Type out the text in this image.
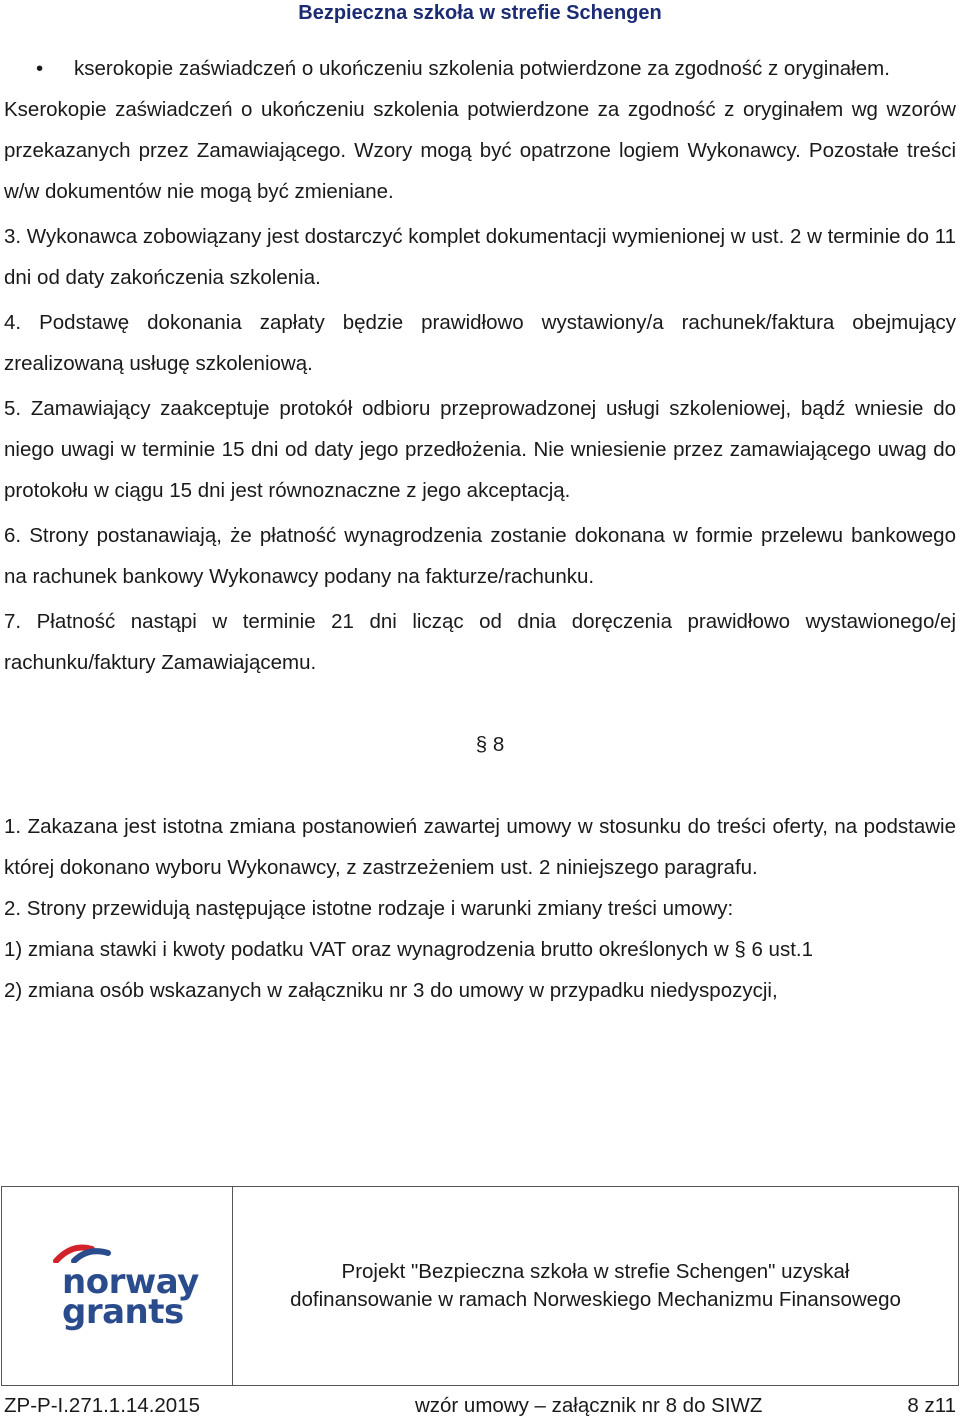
Bezpieczna szkoła w strefie Schengen
• kserokopie zaświadczeń o ukończeniu szkolenia potwierdzone za zgodność z oryginałem.
Kserokopie zaświadczeń o ukończeniu szkolenia potwierdzone za zgodność z oryginałem wg wzorów przekazanych przez Zamawiającego. Wzory mogą być opatrzone logiem Wykonawcy. Pozostałe treści w/w dokumentów nie mogą być zmieniane.
3. Wykonawca zobowiązany jest dostarczyć komplet dokumentacji wymienionej w ust. 2 w terminie do 11 dni od daty zakończenia szkolenia.
4. Podstawę dokonania zapłaty będzie prawidłowo wystawiony/a rachunek/faktura obejmujący zrealizowaną usługę szkoleniową.
5. Zamawiający zaakceptuje protokół odbioru przeprowadzonej usługi szkoleniowej, bądź wniesie do niego uwagi w terminie 15 dni od daty jego przedłożenia. Nie wniesienie przez zamawiającego uwag do protokołu w ciągu 15 dni jest równoznaczne z jego akceptacją.
6. Strony postanawiają, że płatność wynagrodzenia zostanie dokonana w formie przelewu bankowego na rachunek bankowy Wykonawcy podany na fakturze/rachunku.
7. Płatność nastąpi w terminie 21 dni licząc od dnia doręczenia prawidłowo wystawionego/ej rachunku/faktury Zamawiającemu.
§ 8
1. Zakazana jest istotna zmiana postanowień zawartej umowy w stosunku do treści oferty, na podstawie której dokonano wyboru Wykonawcy, z zastrzeżeniem ust. 2 niniejszego paragrafu.
2. Strony przewidują następujące istotne rodzaje i warunki zmiany treści umowy:
1) zmiana stawki i kwoty podatku VAT oraz wynagrodzenia brutto określonych w § 6 ust.1
2) zmiana osób wskazanych w załączniku nr 3 do umowy w przypadku niedyspozycji,
norway
grants
Projekt "Bezpieczna szkoła w strefie Schengen" uzyskał
dofinansowanie w ramach Norweskiego Mechanizmu Finansowego
ZP-P-I.271.1.14.2015	wzór umowy – załącznik nr 8 do SIWZ	8 z11
